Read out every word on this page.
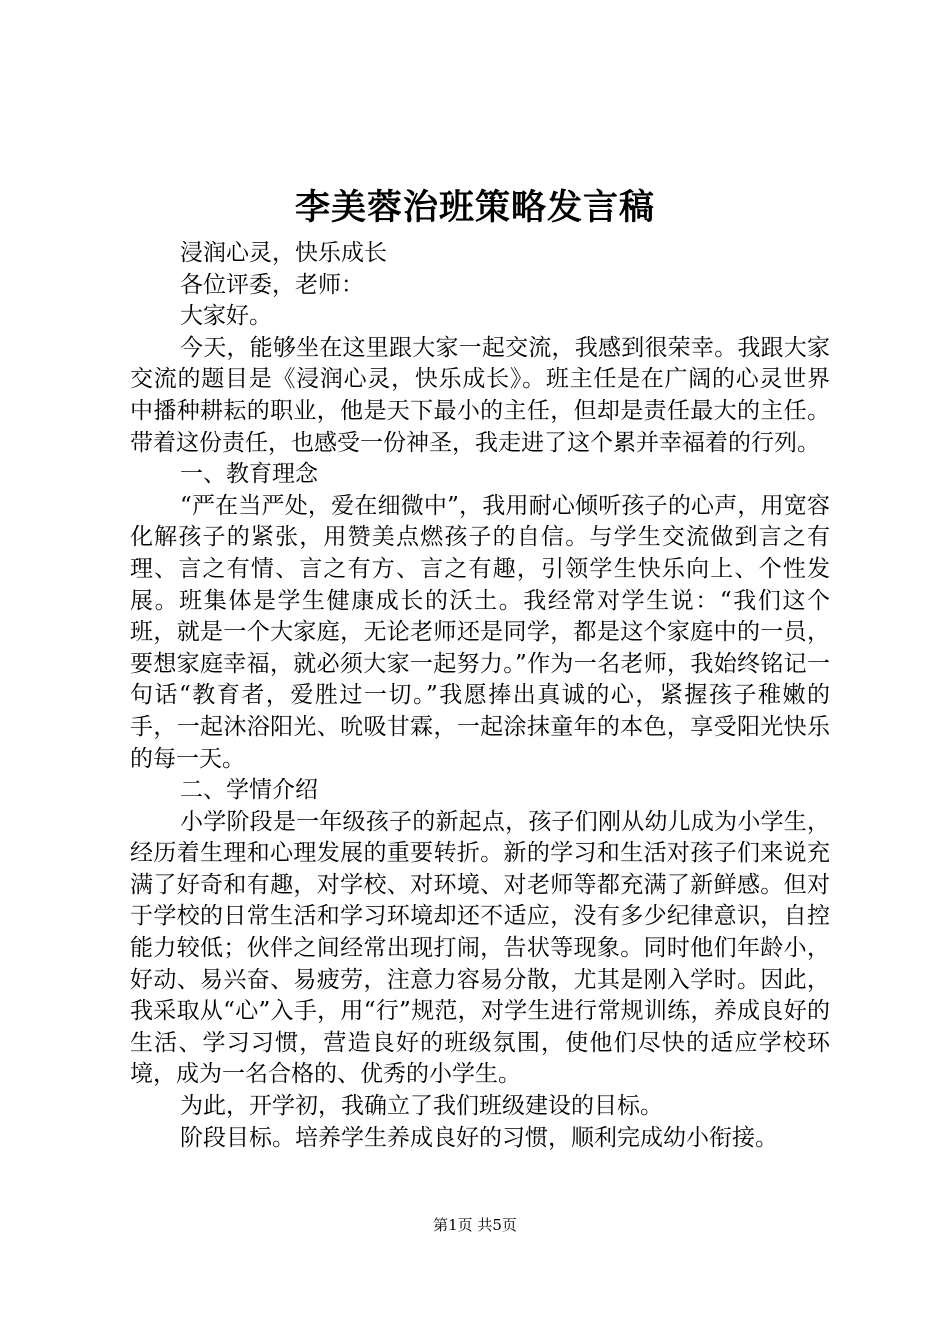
李美蓉治班策略发言稿

浸润心灵，快乐成长

各位评委，老师：

大家好。

今天，能够坐在这里跟大家一起交流，我感到很荣幸。我跟大家交流的题目是《浸润心灵，快乐成长》。班主任是在广阔的心灵世界中播种耕耘的职业，他是天下最小的主任，但却是责任最大的主任。带着这份责任，也感受一份神圣，我走进了这个累并幸福着的行列。

一、教育理念

“严在当严处，爱在细微中”，我用耐心倾听孩子的心声，用宽容化解孩子的紧张，用赞美点燃孩子的自信。与学生交流做到言之有理、言之有情、言之有方、言之有趣，引领学生快乐向上、个性发展。班集体是学生健康成长的沃土。我经常对学生说：“我们这个班，就是一个大家庭，无论老师还是同学，都是这个家庭中的一员，要想家庭幸福，就必须大家一起努力。”作为一名老师，我始终铭记一句话“教育者，爱胜过一切。”我愿捧出真诚的心，紧握孩子稚嫩的手，一起沐浴阳光、吮吸甘霖，一起涂抹童年的本色，享受阳光快乐的每一天。

二、学情介绍

小学阶段是一年级孩子的新起点，孩子们刚从幼儿成为小学生，经历着生理和心理发展的重要转折。新的学习和生活对孩子们来说充满了好奇和有趣，对学校、对环境、对老师等都充满了新鲜感。但对于学校的日常生活和学习环境却还不适应，没有多少纪律意识，自控能力较低；伙伴之间经常出现打闹，告状等现象。同时他们年龄小，好动、易兴奋、易疲劳，注意力容易分散，尤其是刚入学时。因此，我采取从“心”入手，用“行”规范，对学生进行常规训练，养成良好的生活、学习习惯，营造良好的班级氛围，使他们尽快的适应学校环境，成为一名合格的、优秀的小学生。

为此，开学初，我确立了我们班级建设的目标。

阶段目标。培养学生养成良好的习惯，顺利完成幼小衔接。

第1页 共5页
